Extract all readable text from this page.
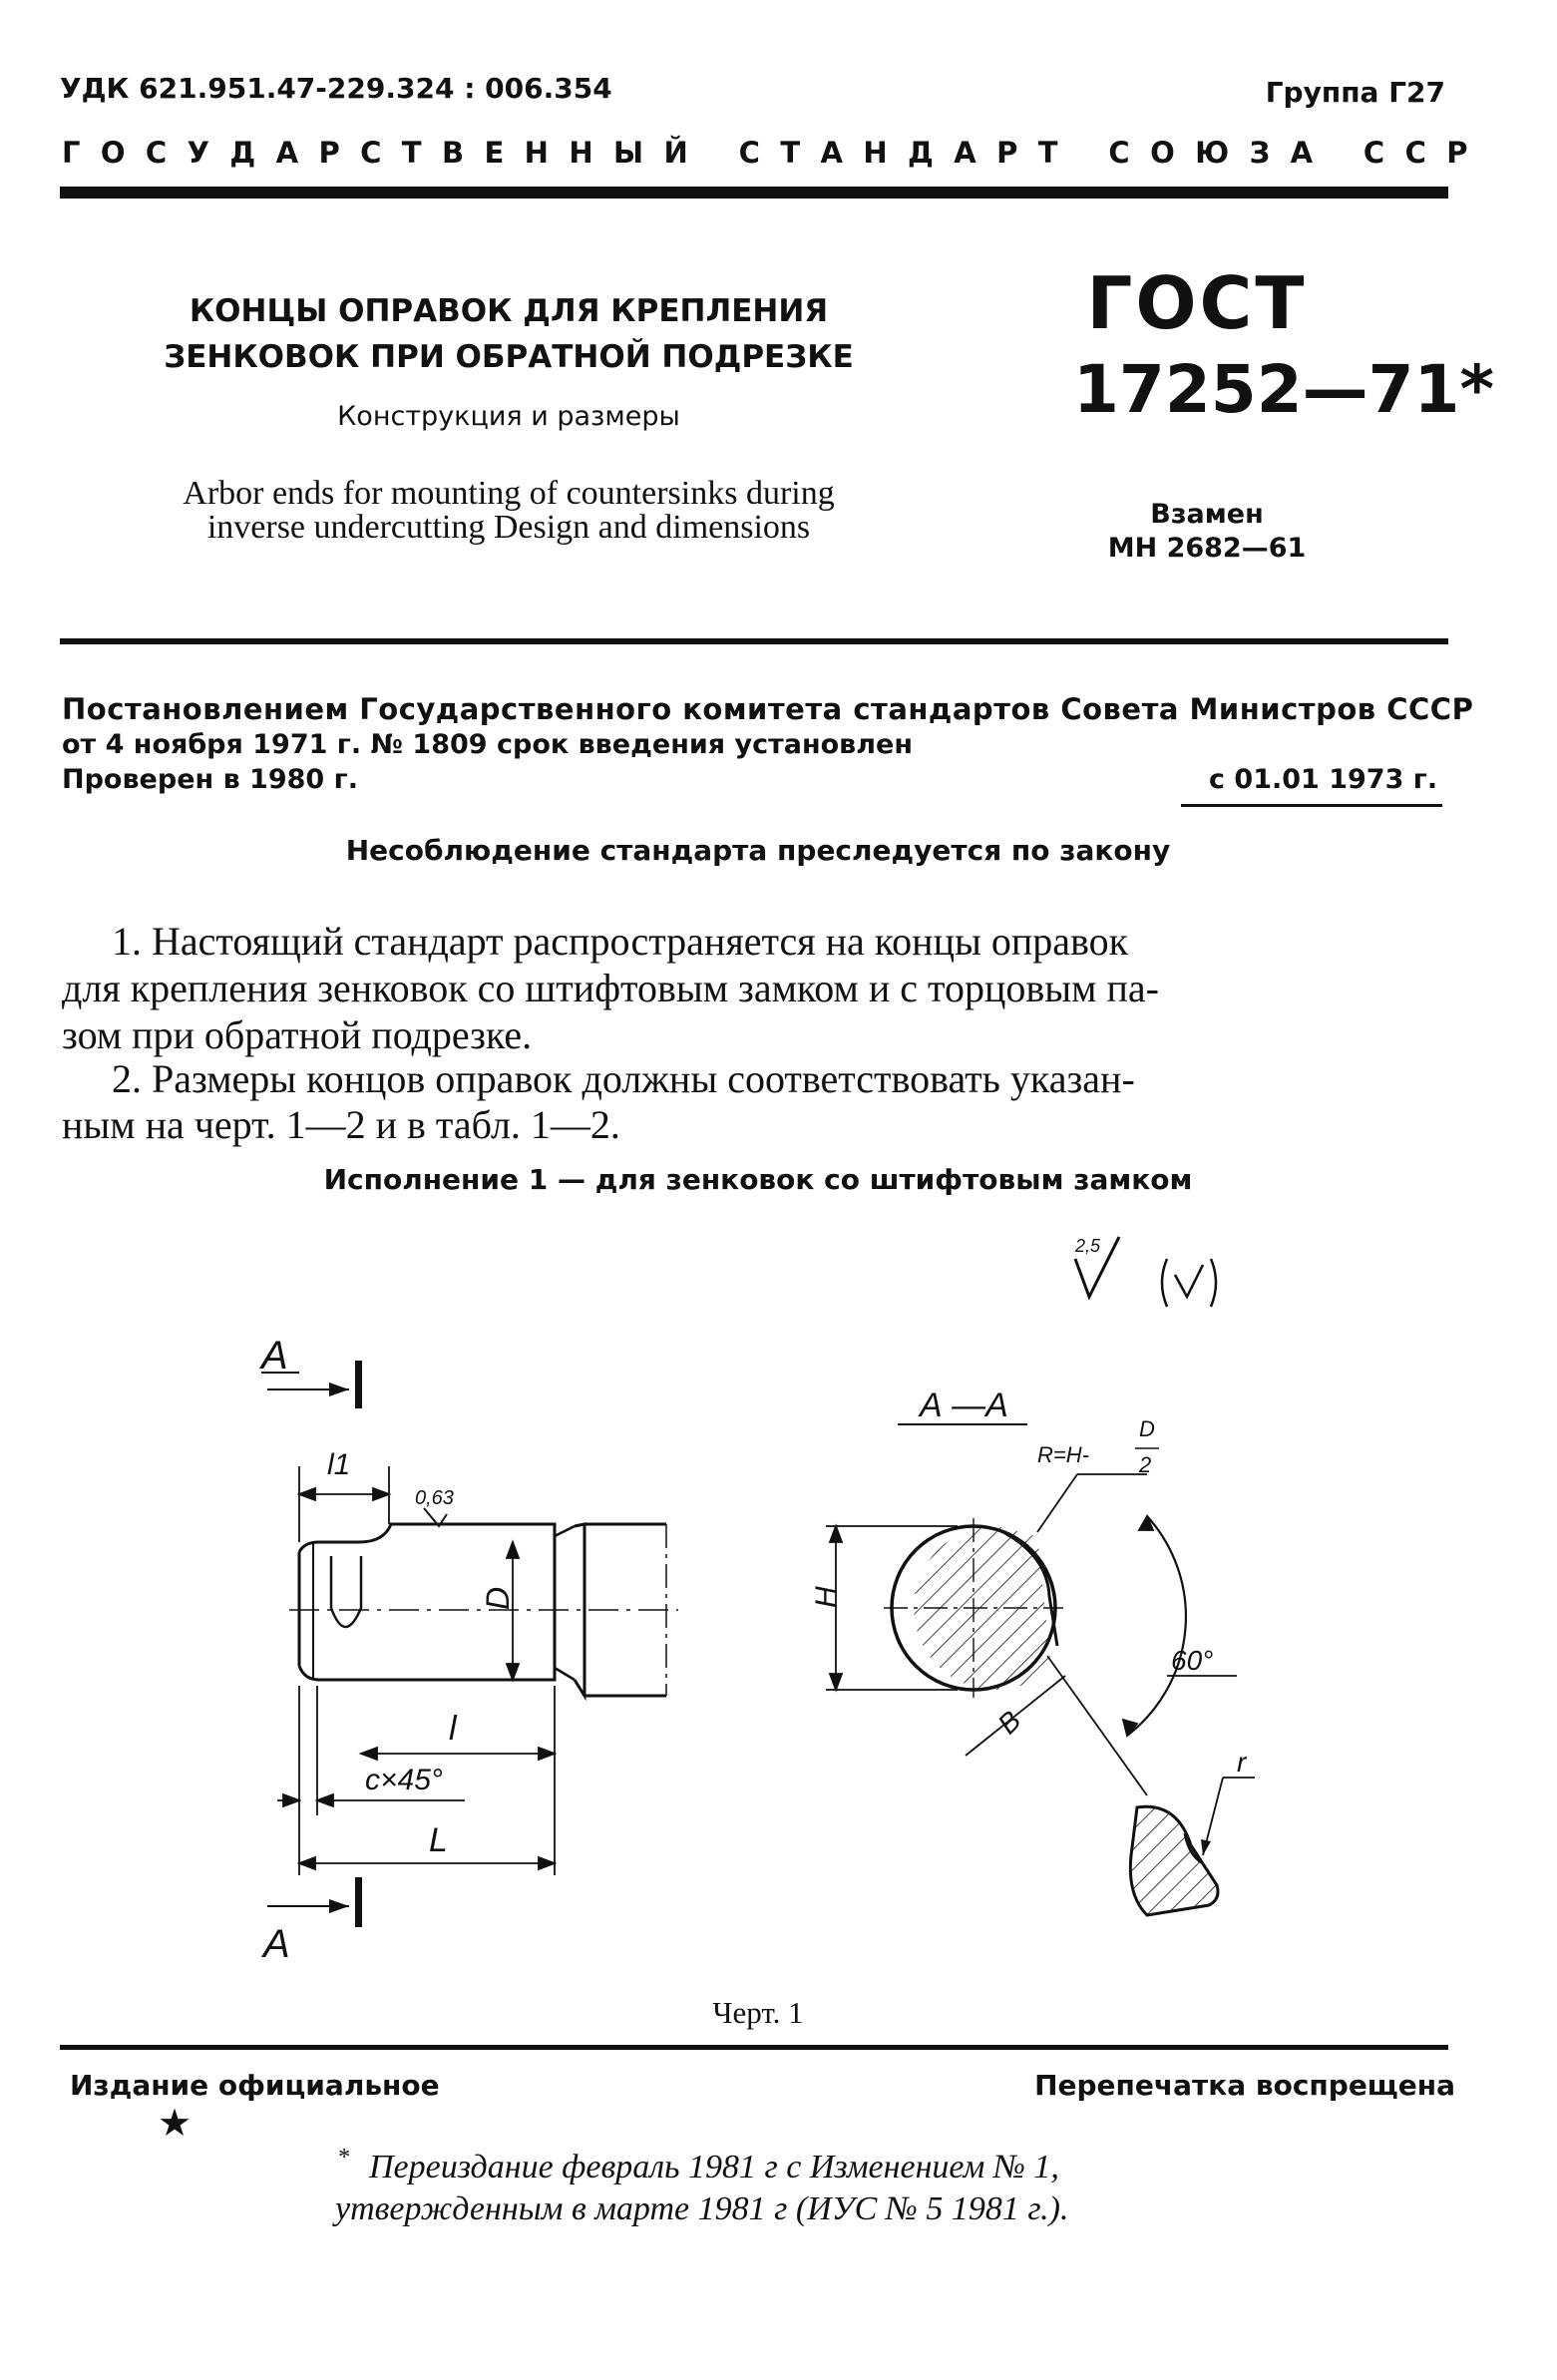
УДК 621.951.47-229.324 : 006.354	Группа Г27
ГОСУДАРСТВЕННЫЙ СТАНДАРТ СОЮЗА ССР
КОНЦЫ ОПРАВОК ДЛЯ КРЕПЛЕНИЯ
ЗЕНКОВОК ПРИ ОБРАТНОЙ ПОДРЕЗКЕ
Конструкция и размеры
Arbor ends for mounting of countersinks during
inverse undercutting Design and dimensions
ГОСТ
17252—71*
Взамен
МН 2682—61
Постановлением Государственного комитета стандартов Совета Министров СССР
от 4 ноября 1971 г. № 1809 срок введения установлен
Проверен в 1980 г.	с 01.01 1973 г.
Несоблюдение стандарта преследуется по закону
1. Настоящий стандарт распространяется на концы оправок
для крепления зенковок со штифтовым замком и с торцовым па-
зом при обратной подрезке.
2. Размеры концов оправок должны соответствовать указан-
ным на черт. 1—2 и в табл. 1—2.
Исполнение 1 — для зенковок со штифтовым замком
2,5
А
А
l1
0,63
D
l
c×45°
L
А —А
R=H-
D
2
H
60°
B
r
Черт. 1
Издание официальное	Перепечатка воспрещена
★
* Переиздание февраль 1981 г с Изменением № 1,
утвержденным в марте 1981 г (ИУС № 5 1981 г.).
